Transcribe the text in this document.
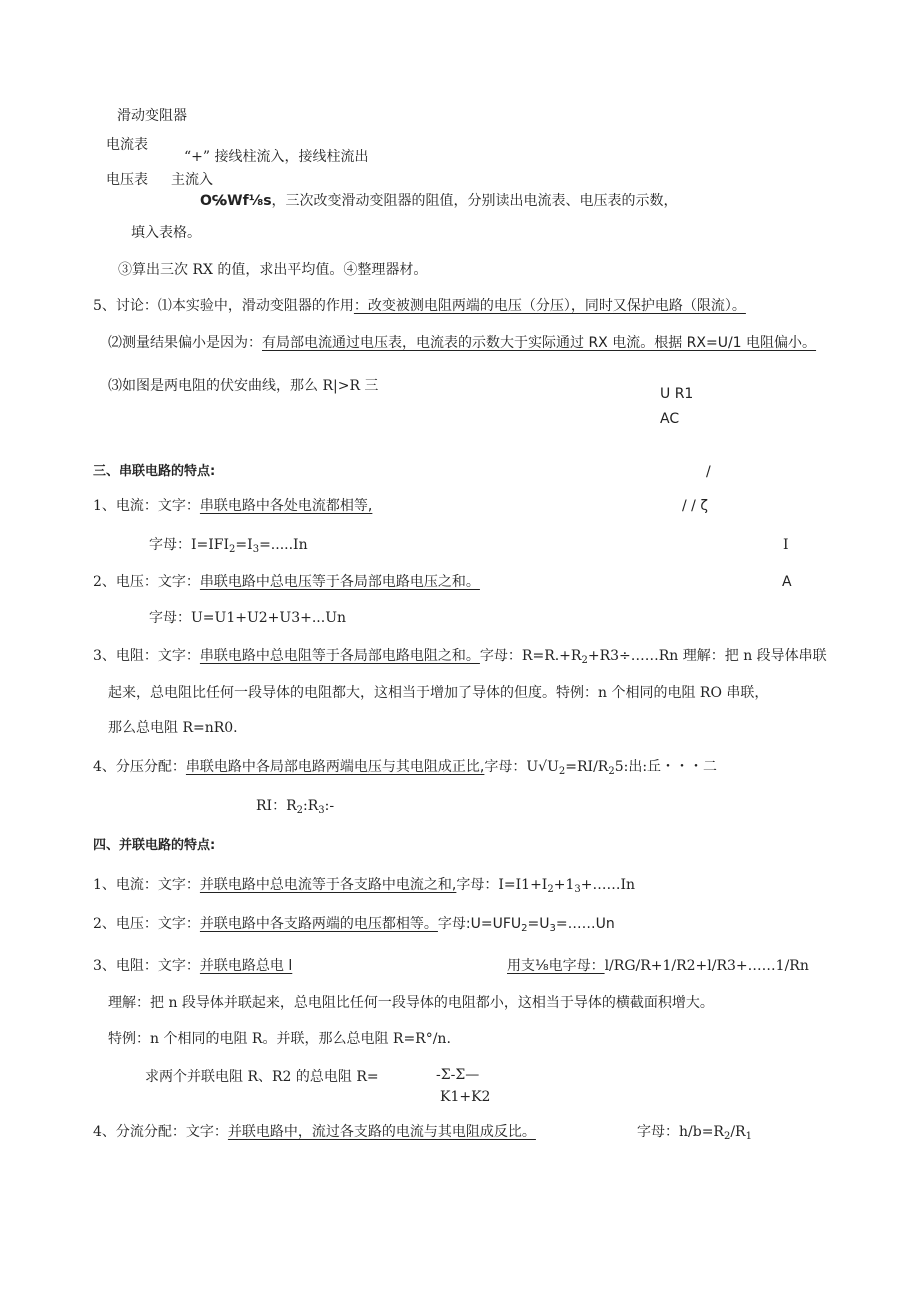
滑动变阻器
电流表
“+” 接线柱流入，接线柱流出
电压表 主流入
O℅Wf⅛s，三次改变滑动变阻器的阻值，分别读出电流表、电压表的示数，
填入表格。
③算出三次 RX 的值，求出平均值。④整理器材。
5、讨论：⑴本实验中，滑动变阻器的作用：改变被测电阻两端的电压（分压），同时又保护电路（限流）。
⑵测量结果偏小是因为：有局部电流通过电压表，电流表的示数大于实际通过 RX 电流。根据 RX=U/1 电阻偏小。
⑶如图是两电阻的伏安曲线，那么 R|>R 三	U R1
AC
/
/ / ζ
I
A
三、串联电路的特点:
1、电流：文字：串联电路中各处电流都相等,
字母：$I=IFI_2=I_3=.....In$
2、电压：文字：串联电路中总电压等于各局部电路电压之和。
字母：U=U1+U2+U3+...Un
3、电阻：文字：串联电路中总电阻等于各局部电路电阻之和。字母：$R=R.+R_2+R3\div\dots\dots Rn$ 理解：把 n 段导体串联
起来，总电阻比任何一段导体的电阻都大，这相当于增加了导体的但度。特例：n 个相同的电阻 RO 串联，
那么总电阻 R=nR0.
4、分压分配：串联电路中各局部电路两端电压与其电阻成正比,字母：$U√U_2=RI/R_25$:出:丘・・・二
RI：$R_2:R_3:-$
四、并联电路的特点:
1、电流：文字：并联电路中总电流等于各支路中电流之和,字母：$I=I1+I_2+1_3+\dots\dots In$
2、电压：文字：并联电路中各支路两端的电压都相等。字母$:U=UFU_2=U_3=\dots\dots Un$
3、电阻：文字：并联电路总电 l	用支⅛电字母：l/RG/R+1/R2+l/R3+……1/Rn
理解：把 n 段导体并联起来，总电阻比任何一段导体的电阻都小，这相当于导体的横截面积增大。
特例：n 个相同的电阻 R。并联，那么总电阻 R=R°/n.
求两个并联电阻 R、R2 的总电阻 R=	-Σ-Σ—
K1+K2
4、分流分配：文字：并联电路中，流过各支路的电流与其电阻成反比。	字母：$h/b=R_2/R_1$
